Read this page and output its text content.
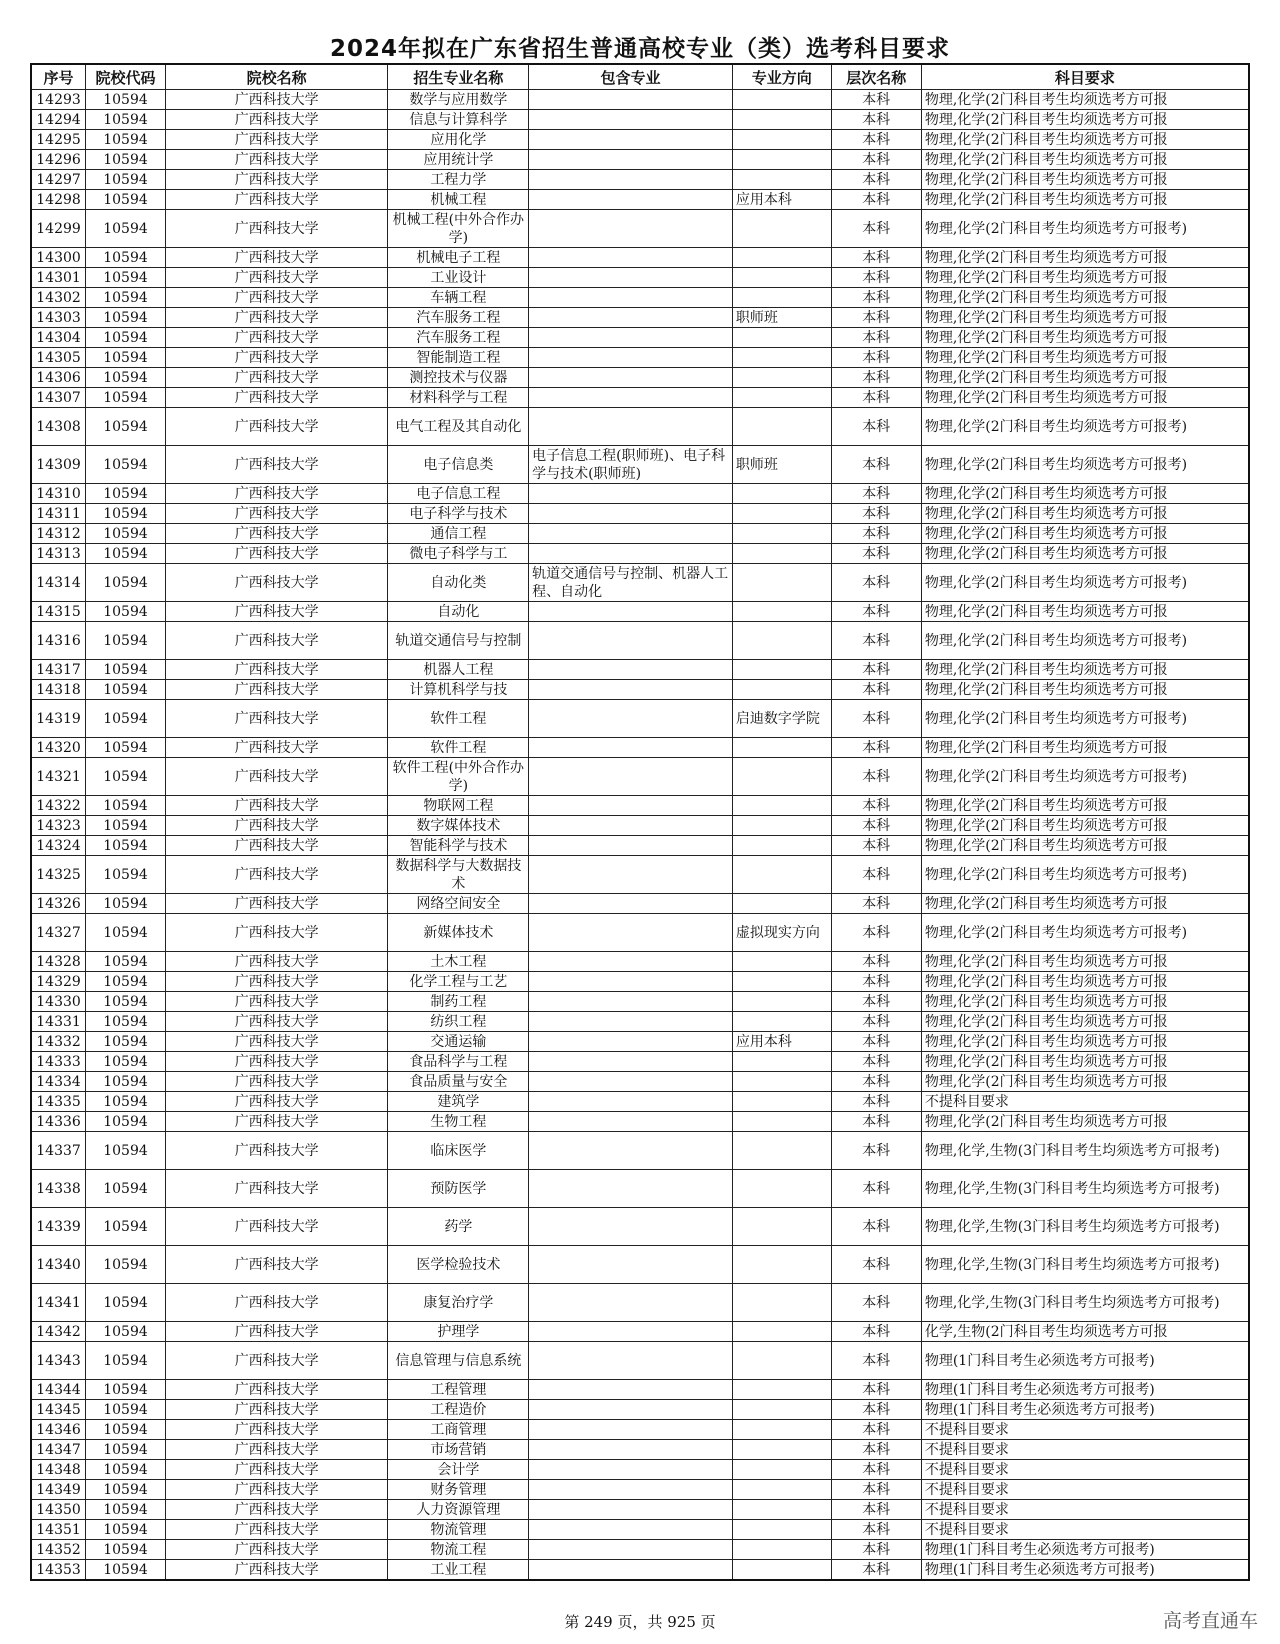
2024年拟在广东省招生普通高校专业（类）选考科目要求
序号	院校代码	院校名称	招生专业名称	包含专业	专业方向	层次名称	科目要求
14293	10594	广西科技大学	数学与应用数学			本科	物理,化学(2门科目考生均须选考方可报
14294	10594	广西科技大学	信息与计算科学			本科	物理,化学(2门科目考生均须选考方可报
14295	10594	广西科技大学	应用化学			本科	物理,化学(2门科目考生均须选考方可报
14296	10594	广西科技大学	应用统计学			本科	物理,化学(2门科目考生均须选考方可报
14297	10594	广西科技大学	工程力学			本科	物理,化学(2门科目考生均须选考方可报
14298	10594	广西科技大学	机械工程		应用本科	本科	物理,化学(2门科目考生均须选考方可报
14299	10594	广西科技大学	机械工程(中外合作办学)			本科	物理,化学(2门科目考生均须选考方可报考)
14300	10594	广西科技大学	机械电子工程			本科	物理,化学(2门科目考生均须选考方可报
14301	10594	广西科技大学	工业设计			本科	物理,化学(2门科目考生均须选考方可报
14302	10594	广西科技大学	车辆工程			本科	物理,化学(2门科目考生均须选考方可报
14303	10594	广西科技大学	汽车服务工程		职师班	本科	物理,化学(2门科目考生均须选考方可报
14304	10594	广西科技大学	汽车服务工程			本科	物理,化学(2门科目考生均须选考方可报
14305	10594	广西科技大学	智能制造工程			本科	物理,化学(2门科目考生均须选考方可报
14306	10594	广西科技大学	测控技术与仪器			本科	物理,化学(2门科目考生均须选考方可报
14307	10594	广西科技大学	材料科学与工程			本科	物理,化学(2门科目考生均须选考方可报
14308	10594	广西科技大学	电气工程及其自动化			本科	物理,化学(2门科目考生均须选考方可报考)
14309	10594	广西科技大学	电子信息类	电子信息工程(职师班)、电子科学与技术(职师班)	职师班	本科	物理,化学(2门科目考生均须选考方可报考)
14310	10594	广西科技大学	电子信息工程			本科	物理,化学(2门科目考生均须选考方可报
14311	10594	广西科技大学	电子科学与技术			本科	物理,化学(2门科目考生均须选考方可报
14312	10594	广西科技大学	通信工程			本科	物理,化学(2门科目考生均须选考方可报
14313	10594	广西科技大学	微电子科学与工			本科	物理,化学(2门科目考生均须选考方可报
14314	10594	广西科技大学	自动化类	轨道交通信号与控制、机器人工程、自动化		本科	物理,化学(2门科目考生均须选考方可报考)
14315	10594	广西科技大学	自动化			本科	物理,化学(2门科目考生均须选考方可报
14316	10594	广西科技大学	轨道交通信号与控制			本科	物理,化学(2门科目考生均须选考方可报考)
14317	10594	广西科技大学	机器人工程			本科	物理,化学(2门科目考生均须选考方可报
14318	10594	广西科技大学	计算机科学与技			本科	物理,化学(2门科目考生均须选考方可报
14319	10594	广西科技大学	软件工程		启迪数字学院	本科	物理,化学(2门科目考生均须选考方可报考)
14320	10594	广西科技大学	软件工程			本科	物理,化学(2门科目考生均须选考方可报
14321	10594	广西科技大学	软件工程(中外合作办学)			本科	物理,化学(2门科目考生均须选考方可报考)
14322	10594	广西科技大学	物联网工程			本科	物理,化学(2门科目考生均须选考方可报
14323	10594	广西科技大学	数字媒体技术			本科	物理,化学(2门科目考生均须选考方可报
14324	10594	广西科技大学	智能科学与技术			本科	物理,化学(2门科目考生均须选考方可报
14325	10594	广西科技大学	数据科学与大数据技术			本科	物理,化学(2门科目考生均须选考方可报考)
14326	10594	广西科技大学	网络空间安全			本科	物理,化学(2门科目考生均须选考方可报
14327	10594	广西科技大学	新媒体技术		虚拟现实方向	本科	物理,化学(2门科目考生均须选考方可报考)
14328	10594	广西科技大学	土木工程			本科	物理,化学(2门科目考生均须选考方可报
14329	10594	广西科技大学	化学工程与工艺			本科	物理,化学(2门科目考生均须选考方可报
14330	10594	广西科技大学	制药工程			本科	物理,化学(2门科目考生均须选考方可报
14331	10594	广西科技大学	纺织工程			本科	物理,化学(2门科目考生均须选考方可报
14332	10594	广西科技大学	交通运输		应用本科	本科	物理,化学(2门科目考生均须选考方可报
14333	10594	广西科技大学	食品科学与工程			本科	物理,化学(2门科目考生均须选考方可报
14334	10594	广西科技大学	食品质量与安全			本科	物理,化学(2门科目考生均须选考方可报
14335	10594	广西科技大学	建筑学			本科	不提科目要求
14336	10594	广西科技大学	生物工程			本科	物理,化学(2门科目考生均须选考方可报
14337	10594	广西科技大学	临床医学			本科	物理,化学,生物(3门科目考生均须选考方可报考)
14338	10594	广西科技大学	预防医学			本科	物理,化学,生物(3门科目考生均须选考方可报考)
14339	10594	广西科技大学	药学			本科	物理,化学,生物(3门科目考生均须选考方可报考)
14340	10594	广西科技大学	医学检验技术			本科	物理,化学,生物(3门科目考生均须选考方可报考)
14341	10594	广西科技大学	康复治疗学			本科	物理,化学,生物(3门科目考生均须选考方可报考)
14342	10594	广西科技大学	护理学			本科	化学,生物(2门科目考生均须选考方可报
14343	10594	广西科技大学	信息管理与信息系统			本科	物理(1门科目考生必须选考方可报考)
14344	10594	广西科技大学	工程管理			本科	物理(1门科目考生必须选考方可报考)
14345	10594	广西科技大学	工程造价			本科	物理(1门科目考生必须选考方可报考)
14346	10594	广西科技大学	工商管理			本科	不提科目要求
14347	10594	广西科技大学	市场营销			本科	不提科目要求
14348	10594	广西科技大学	会计学			本科	不提科目要求
14349	10594	广西科技大学	财务管理			本科	不提科目要求
14350	10594	广西科技大学	人力资源管理			本科	不提科目要求
14351	10594	广西科技大学	物流管理			本科	不提科目要求
14352	10594	广西科技大学	物流工程			本科	物理(1门科目考生必须选考方可报考)
14353	10594	广西科技大学	工业工程			本科	物理(1门科目考生必须选考方可报考)
第 249 页，共 925 页	高考直通车
